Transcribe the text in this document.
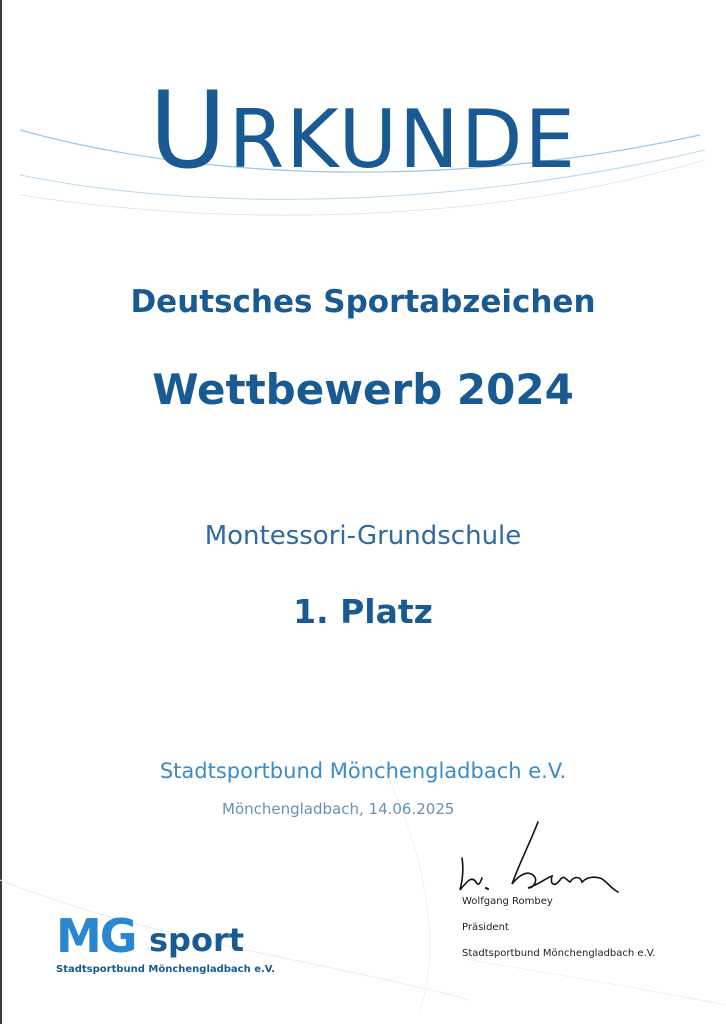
URKUNDE
Deutsches Sportabzeichen
Wettbewerb 2024
Montessori-Grundschule
1. Platz
Stadtsportbund Mönchengladbach e.V.
Mönchengladbach, 14.06.2025
Wolfgang Rombey
Präsident
Stadtsportbund Mönchengladbach e.V.
MG sport
Stadtsportbund Mönchengladbach e.V.
